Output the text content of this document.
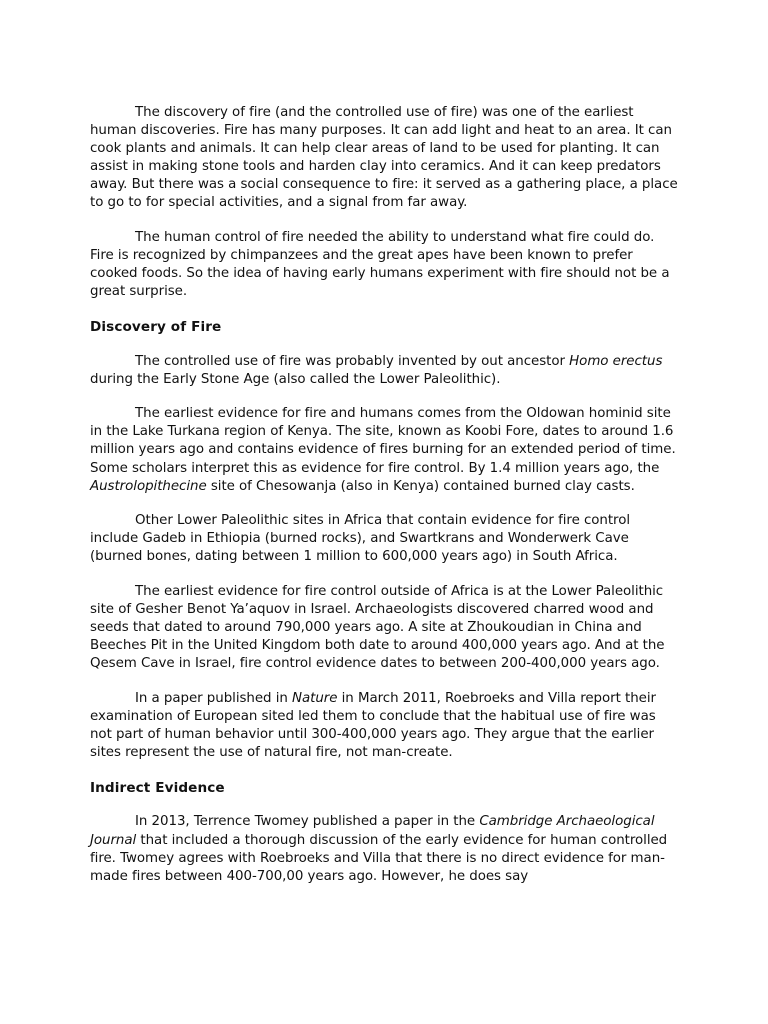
The discovery of fire (and the controlled use of fire) was one of the earliest human discoveries. Fire has many purposes. It can add light and heat to an area. It can cook plants and animals. It can help clear areas of land to be used for planting. It can assist in making stone tools and harden clay into ceramics. And it can keep predators away. But there was a social consequence to fire: it served as a gathering place, a place to go to for special activities, and a signal from far away.

The human control of fire needed the ability to understand what fire could do. Fire is recognized by chimpanzees and the great apes have been known to prefer cooked foods. So the idea of having early humans experiment with fire should not be a great surprise.

Discovery of Fire

The controlled use of fire was probably invented by out ancestor Homo erectus during the Early Stone Age (also called the Lower Paleolithic).

The earliest evidence for fire and humans comes from the Oldowan hominid site in the Lake Turkana region of Kenya. The site, known as Koobi Fore, dates to around 1.6 million years ago and contains evidence of fires burning for an extended period of time. Some scholars interpret this as evidence for fire control. By 1.4 million years ago, the Austrolopithecine site of Chesowanja (also in Kenya) contained burned clay casts.

Other Lower Paleolithic sites in Africa that contain evidence for fire control include Gadeb in Ethiopia (burned rocks), and Swartkrans and Wonderwerk Cave (burned bones, dating between 1 million to 600,000 years ago) in South Africa.

The earliest evidence for fire control outside of Africa is at the Lower Paleolithic site of Gesher Benot Ya’aquov in Israel. Archaeologists discovered charred wood and seeds that dated to around 790,000 years ago. A site at Zhoukoudian in China and Beeches Pit in the United Kingdom both date to around 400,000 years ago. And at the Qesem Cave in Israel, fire control evidence dates to between 200-400,000 years ago.

In a paper published in Nature in March 2011, Roebroeks and Villa report their examination of European sited led them to conclude that the habitual use of fire was not part of human behavior until 300-400,000 years ago. They argue that the earlier sites represent the use of natural fire, not man-create.

Indirect Evidence

In 2013, Terrence Twomey published a paper in the Cambridge Archaeological Journal that included a thorough discussion of the early evidence for human controlled fire. Twomey agrees with Roebroeks and Villa that there is no direct evidence for man-made fires between 400-700,00 years ago. However, he does say
